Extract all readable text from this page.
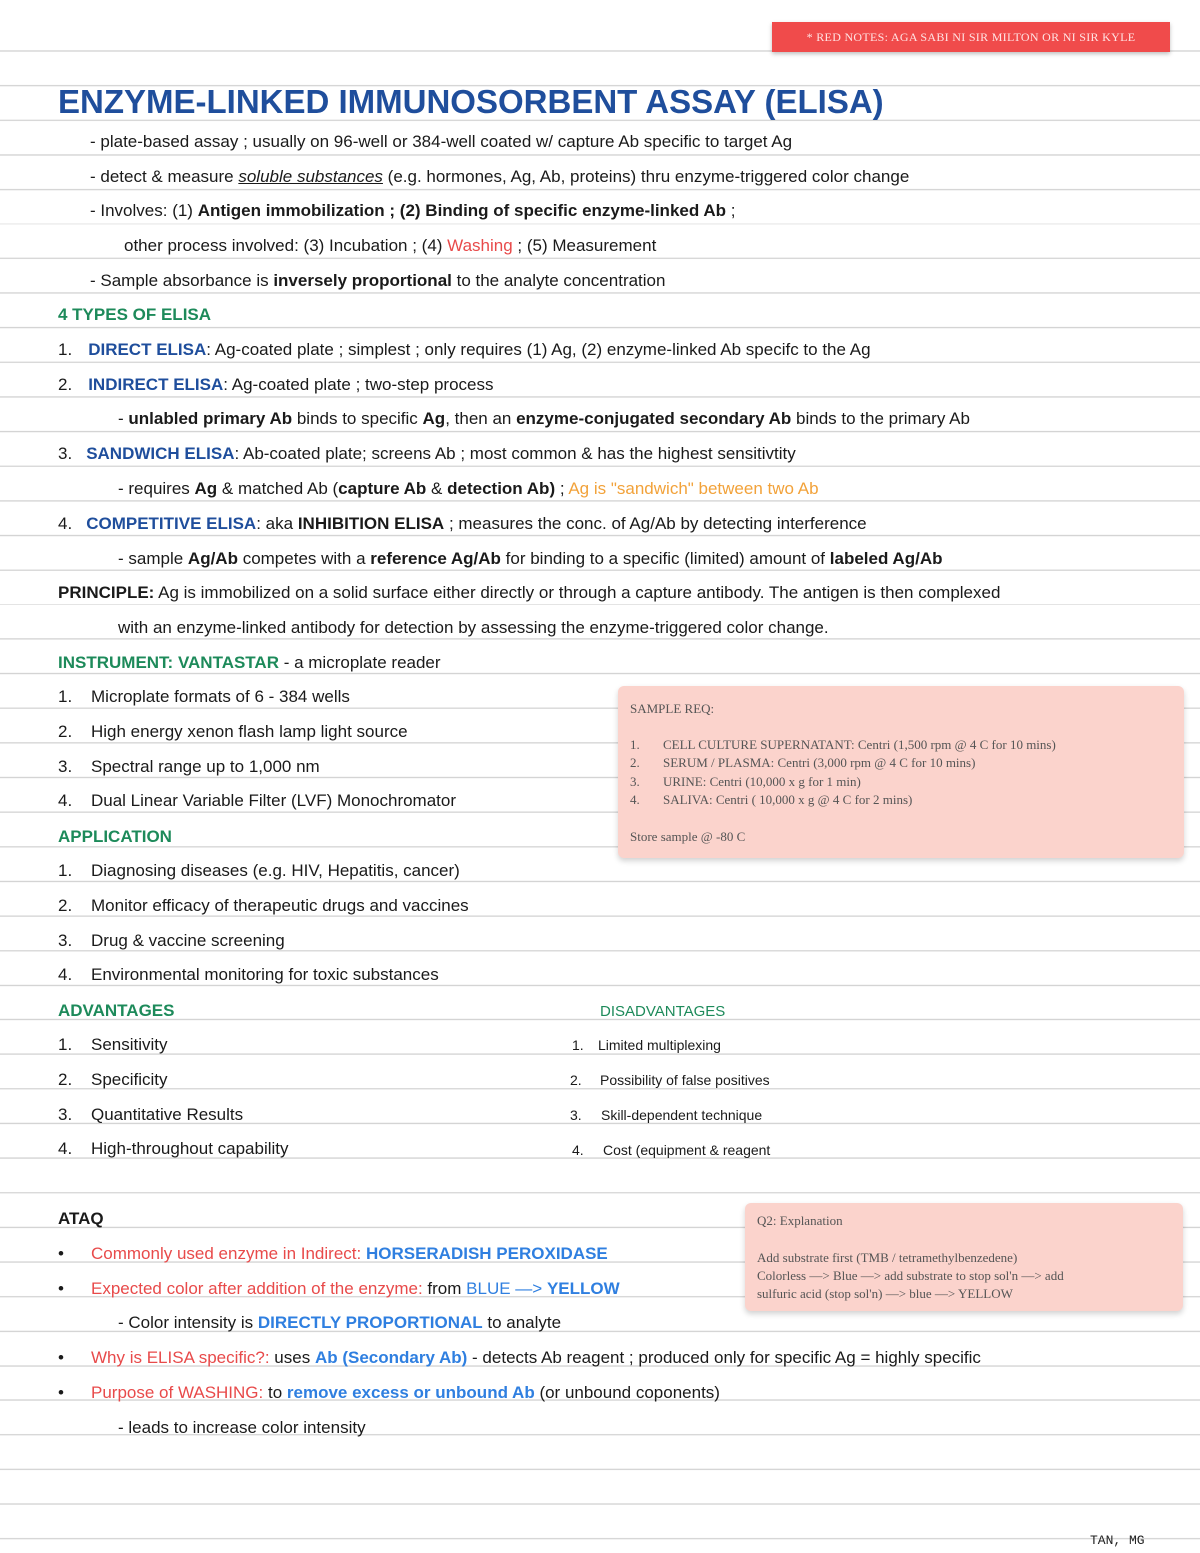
* RED NOTES: AGA SABI NI SIR MILTON OR NI SIR KYLE
ENZYME-LINKED IMMUNOSORBENT ASSAY (ELISA)
- plate-based assay ; usually on 96-well or 384-well coated w/ capture Ab specific to target Ag
- detect & measure soluble substances (e.g. hormones, Ag, Ab, proteins) thru enzyme-triggered color change
- Involves: (1) Antigen immobilization ; (2) Binding of specific enzyme-linked Ab ;
other process involved: (3) Incubation ; (4) Washing ; (5) Measurement
- Sample absorbance is inversely proportional to the analyte concentration
4 TYPES OF ELISA
1. DIRECT ELISA: Ag-coated plate ; simplest ; only requires (1) Ag, (2) enzyme-linked Ab specifc to the Ag
2. INDIRECT ELISA: Ag-coated plate ; two-step process
- unlabled primary Ab binds to specific Ag, then an enzyme-conjugated secondary Ab binds to the primary Ab
3. SANDWICH ELISA: Ab-coated plate; screens Ab ; most common & has the highest sensitivtity
- requires Ag & matched Ab (capture Ab & detection Ab) ; Ag is "sandwich" between two Ab
4. COMPETITIVE ELISA: aka INHIBITION ELISA ; measures the conc. of Ag/Ab by detecting interference
- sample Ag/Ab competes with a reference Ag/Ab for binding to a specific (limited) amount of labeled Ag/Ab
PRINCIPLE: Ag is immobilized on a solid surface either directly or through a capture antibody. The antigen is then complexed
with an enzyme-linked antibody for detection by assessing the enzyme-triggered color change.
INSTRUMENT: VANTASTAR - a microplate reader
1. Microplate formats of 6 - 384 wells
2. High energy xenon flash lamp light source
3. Spectral range up to 1,000 nm
4. Dual Linear Variable Filter (LVF) Monochromator
SAMPLE REQ:
1. CELL CULTURE SUPERNATANT: Centri (1,500 rpm @ 4 C for 10 mins)
2. SERUM / PLASMA: Centri (3,000 rpm @ 4 C for 10 mins)
3. URINE: Centri (10,000 x g for 1 min)
4. SALIVA: Centri ( 10,000 x g @ 4 C for 2 mins)
Store sample @ -80 C
APPLICATION
1. Diagnosing diseases (e.g. HIV, Hepatitis, cancer)
2. Monitor efficacy of therapeutic drugs and vaccines
3. Drug & vaccine screening
4. Environmental monitoring for toxic substances
ADVANTAGES
1. Sensitivity
2. Specificity
3. Quantitative Results
4. High-throughout capability
DISADVANTAGES
1. Limited multiplexing
2. Possibility of false positives
3. Skill-dependent technique
4. Cost (equipment & reagent
ATAQ
• Commonly used enzyme in Indirect: HORSERADISH PEROXIDASE
• Expected color after addition of the enzyme: from BLUE —> YELLOW
- Color intensity is DIRECTLY PROPORTIONAL to analyte
• Why is ELISA specific?: uses Ab (Secondary Ab) - detects Ab reagent ; produced only for specific Ag = highly specific
• Purpose of WASHING: to remove excess or unbound Ab (or unbound coponents)
- leads to increase color intensity
Q2: Explanation
Add substrate first (TMB / tetramethylbenzedene)
Colorless —> Blue —> add substrate to stop sol'n —> add
sulfuric acid (stop sol'n) —> blue —> YELLOW
TAN, MG
